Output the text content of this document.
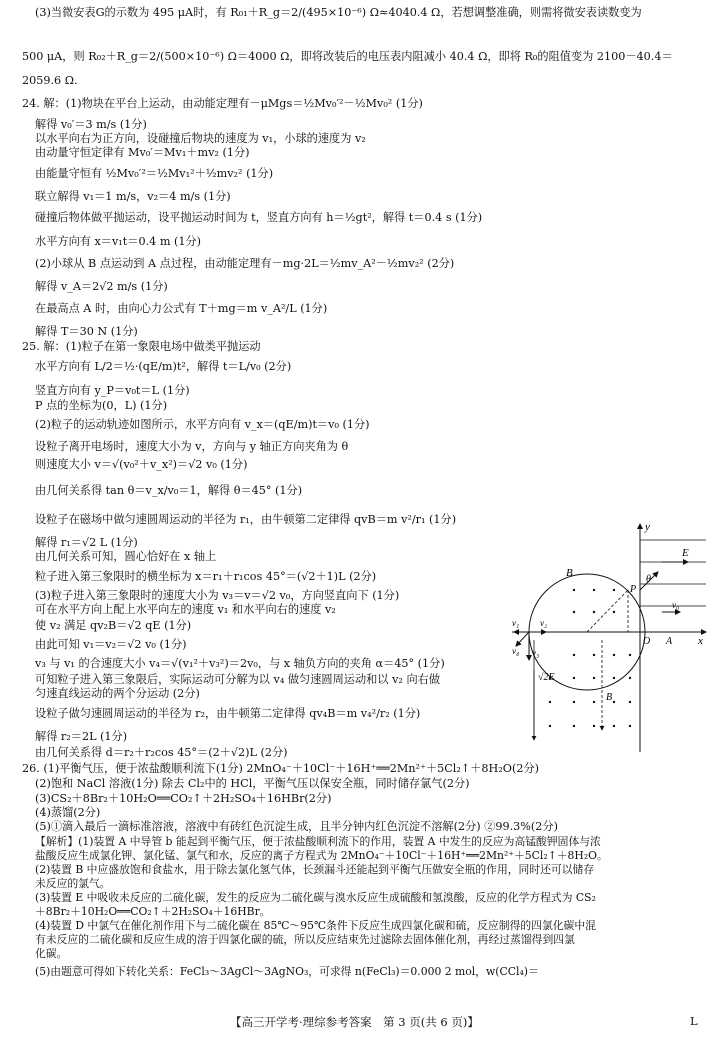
(3)当微安表G的示数为 495 μA时，有 R₀₁＋R_g＝2/(495×10⁻⁶) Ω≈4040.4 Ω，若想调整准确，则需将微安表读数变为
500 μA，则 R₀₂＋R_g＝2/(500×10⁻⁶) Ω＝4000 Ω，即将改装后的电压表内阻减小 40.4 Ω，即将 R₀的阻值变为 2100－40.4＝
2059.6 Ω.
24. 解：(1)物块在平台上运动，由动能定理有－μMgs＝½Mv₀′²－½Mv₀² (1分)
解得 v₀′＝3 m/s (1分)
以水平向右为正方向，设碰撞后物块的速度为 v₁，小球的速度为 v₂
由动量守恒定律有 Mv₀′＝Mv₁＋mv₂ (1分)
由能量守恒有 ½Mv₀′²＝½Mv₁²＋½mv₂² (1分)
联立解得 v₁＝1 m/s，v₂＝4 m/s (1分)
碰撞后物体做平抛运动，设平抛运动时间为 t，竖直方向有 h＝½gt²，解得 t＝0.4 s (1分)
水平方向有 x＝v₁t＝0.4 m (1分)
(2)小球从 B 点运动到 A 点过程，由动能定理有－mg·2L＝½mv_A²－½mv₂² (2分)
解得 v_A＝2√2 m/s (1分)
在最高点 A 时，由向心力公式有 T＋mg＝m v_A²/L (1分)
解得 T＝30 N (1分)
25. 解：(1)粒子在第一象限电场中做类平抛运动
水平方向有 L/2＝½·(qE/m)t²，解得 t＝L/v₀ (2分)
竖直方向有 y_P＝v₀t＝L (1分)
P 点的坐标为(0，L) (1分)
(2)粒子的运动轨迹如图所示，水平方向有 v_x＝(qE/m)t＝v₀ (1分)
设粒子离开电场时，速度大小为 v，方向与 y 轴正方向夹角为 θ
则速度大小 v＝√(v₀²＋v_x²)＝√2 v₀ (1分)
由几何关系得 tan θ＝v_x/v₀＝1，解得 θ＝45° (1分)
设粒子在磁场中做匀速圆周运动的半径为 r₁，由牛顿第二定律得 qvB＝m v²/r₁ (1分)
解得 r₁＝√2 L (1分)
由几何关系可知，圆心恰好在 x 轴上
粒子进入第三象限时的横坐标为 x＝r₁＋r₁cos 45°＝(√2＋1)L (2分)
(3)粒子进入第三象限时的速度大小为 v₃＝v＝√2 v₀，方向竖直向下 (1分)
可在水平方向上配上水平向左的速度 v₁ 和水平向右的速度 v₂
使 v₂ 满足 qv₂B＝√2 qE (1分)
由此可知 v₁＝v₂＝√2 v₀ (1分)
v₃ 与 v₁ 的合速度大小 v₄＝√(v₁²＋v₃²)＝2v₀，与 x 轴负方向的夹角 α＝45° (1分)
可知粒子进入第三象限后，实际运动可分解为以 v₄ 做匀速圆周运动和以 v₂ 向右做
匀速直线运动的两个分运动 (2分)
设粒子做匀速圆周运动的半径为 r₂，由牛顿第二定律得 qv₄B＝m v₄²/r₂ (1分)
解得 r₂＝2L (1分)
由几何关系得 d＝r₂＋r₂cos 45°＝(2＋√2)L (2分)
26. (1)平衡气压，便于浓盐酸顺利流下(1分) 2MnO₄⁻＋10Cl⁻＋16H⁺══2Mn²⁺＋5Cl₂↑＋8H₂O(2分)
(2)饱和 NaCl 溶液(1分) 除去 Cl₂中的 HCl，平衡气压以保安全瓶，同时储存氯气(2分)
(3)CS₂＋8Br₂＋10H₂O══CO₂↑＋2H₂SO₄＋16HBr(2分)
(4)蒸馏(2分)
(5)①滴入最后一滴标准溶液，溶液中有砖红色沉淀生成，且半分钟内红色沉淀不溶解(2分) ②99.3%(2分)
【解析】(1)装置 A 中导管 b 能起到平衡气压，便于浓盐酸顺利流下的作用，装置 A 中发生的反应为高锰酸钾固体与浓
盐酸反应生成氯化钾、氯化锰、氯气和水，反应的离子方程式为 2MnO₄⁻＋10Cl⁻＋16H⁺══2Mn²⁺＋5Cl₂↑＋8H₂O。
(2)装置 B 中应盛放饱和食盐水，用于除去氯化氢气体，长颈漏斗还能起到平衡气压做安全瓶的作用，同时还可以储存
未反应的氯气。
(3)装置 E 中吸收未反应的二硫化碳，发生的反应为二硫化碳与溴水反应生成硫酸和氢溴酸，反应的化学方程式为 CS₂
＋8Br₂＋10H₂O══CO₂↑＋2H₂SO₄＋16HBr。
(4)装置 D 中氯气在催化剂作用下与二硫化碳在 85℃～95℃条件下反应生成四氯化碳和硫，反应制得的四氯化碳中混
有未反应的二硫化碳和反应生成的溶于四氯化碳的硫，所以反应结束先过滤除去固体催化剂，再经过蒸馏得到四氯
化碳。
(5)由题意可得如下转化关系：FeCl₃～3AgCl～3AgNO₃，可求得 n(FeCl₃)＝0.000 2 mol，w(CCl₄)＝
y
x
E
B
θ
P
v₀
O A
v₁ v₂
v₃
v₄
√2E
B
【高三开学考·理综参考答案　第 3 页(共 6 页)】	L
